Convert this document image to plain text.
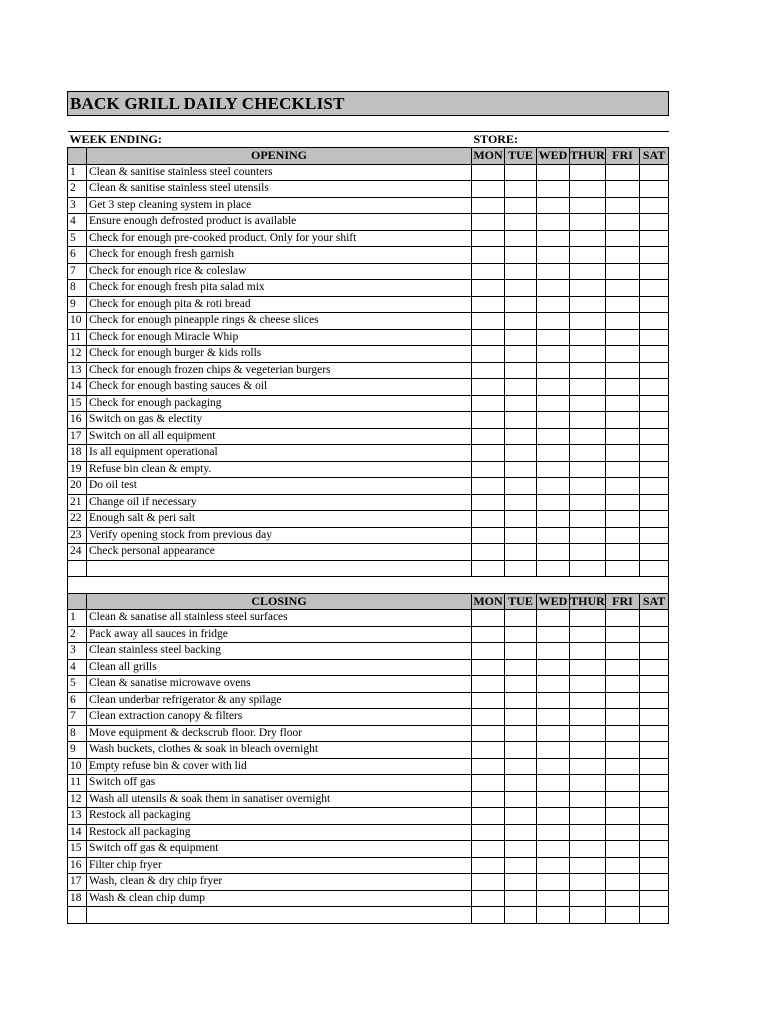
BACK GRILL DAILY CHECKLIST							

WEEK ENDING:		STORE:					
	OPENING	MON	TUE	WED	THUR	FRI	SAT
1	Clean & sanitise stainless steel counters						
2	Clean & sanitise stainless steel utensils						
3	Get 3 step cleaning system in place						
4	Ensure enough defrosted product is available						
5	Check for enough pre-cooked product. Only for your shift						
6	Check for enough fresh garnish						
7	Check for enough rice & coleslaw						
8	Check for enough fresh pita salad mix						
9	Check for enough pita & roti bread						
10	Check for enough pineapple rings & cheese slices						
11	Check for enough Miracle Whip						
12	Check for enough burger & kids rolls						
13	Check for enough frozen chips & vegeterian burgers						
14	Check for enough basting sauces & oil						
15	Check for enough packaging						
16	Switch on gas & electity						
17	Switch on all all equipment						
18	Is all equipment operational						
19	Refuse bin clean & empty.						
20	Do oil test						
21	Change oil if necessary						
22	Enough salt & peri salt						
23	Verify opening stock from previous day						
24	Check personal appearance						

	CLOSING	MON	TUE	WED	THUR	FRI	SAT
1	Clean & sanatise all stainless steel surfaces						
2	Pack away all sauces in fridge						
3	Clean stainless steel backing						
4	Clean all grills						
5	Clean & sanatise microwave ovens						
6	Clean underbar refrigerator & any spilage						
7	Clean extraction canopy & filters						
8	Move equipment & deckscrub floor. Dry floor						
9	Wash buckets, clothes & soak in bleach overnight						
10	Empty refuse bin & cover with lid						
11	Switch off gas						
12	Wash all utensils & soak them in sanatiser overnight						
13	Restock all packaging						
14	Restock all packaging						
15	Switch off gas & equipment						
16	Filter chip fryer						
17	Wash, clean & dry chip fryer						
18	Wash & clean chip dump						
